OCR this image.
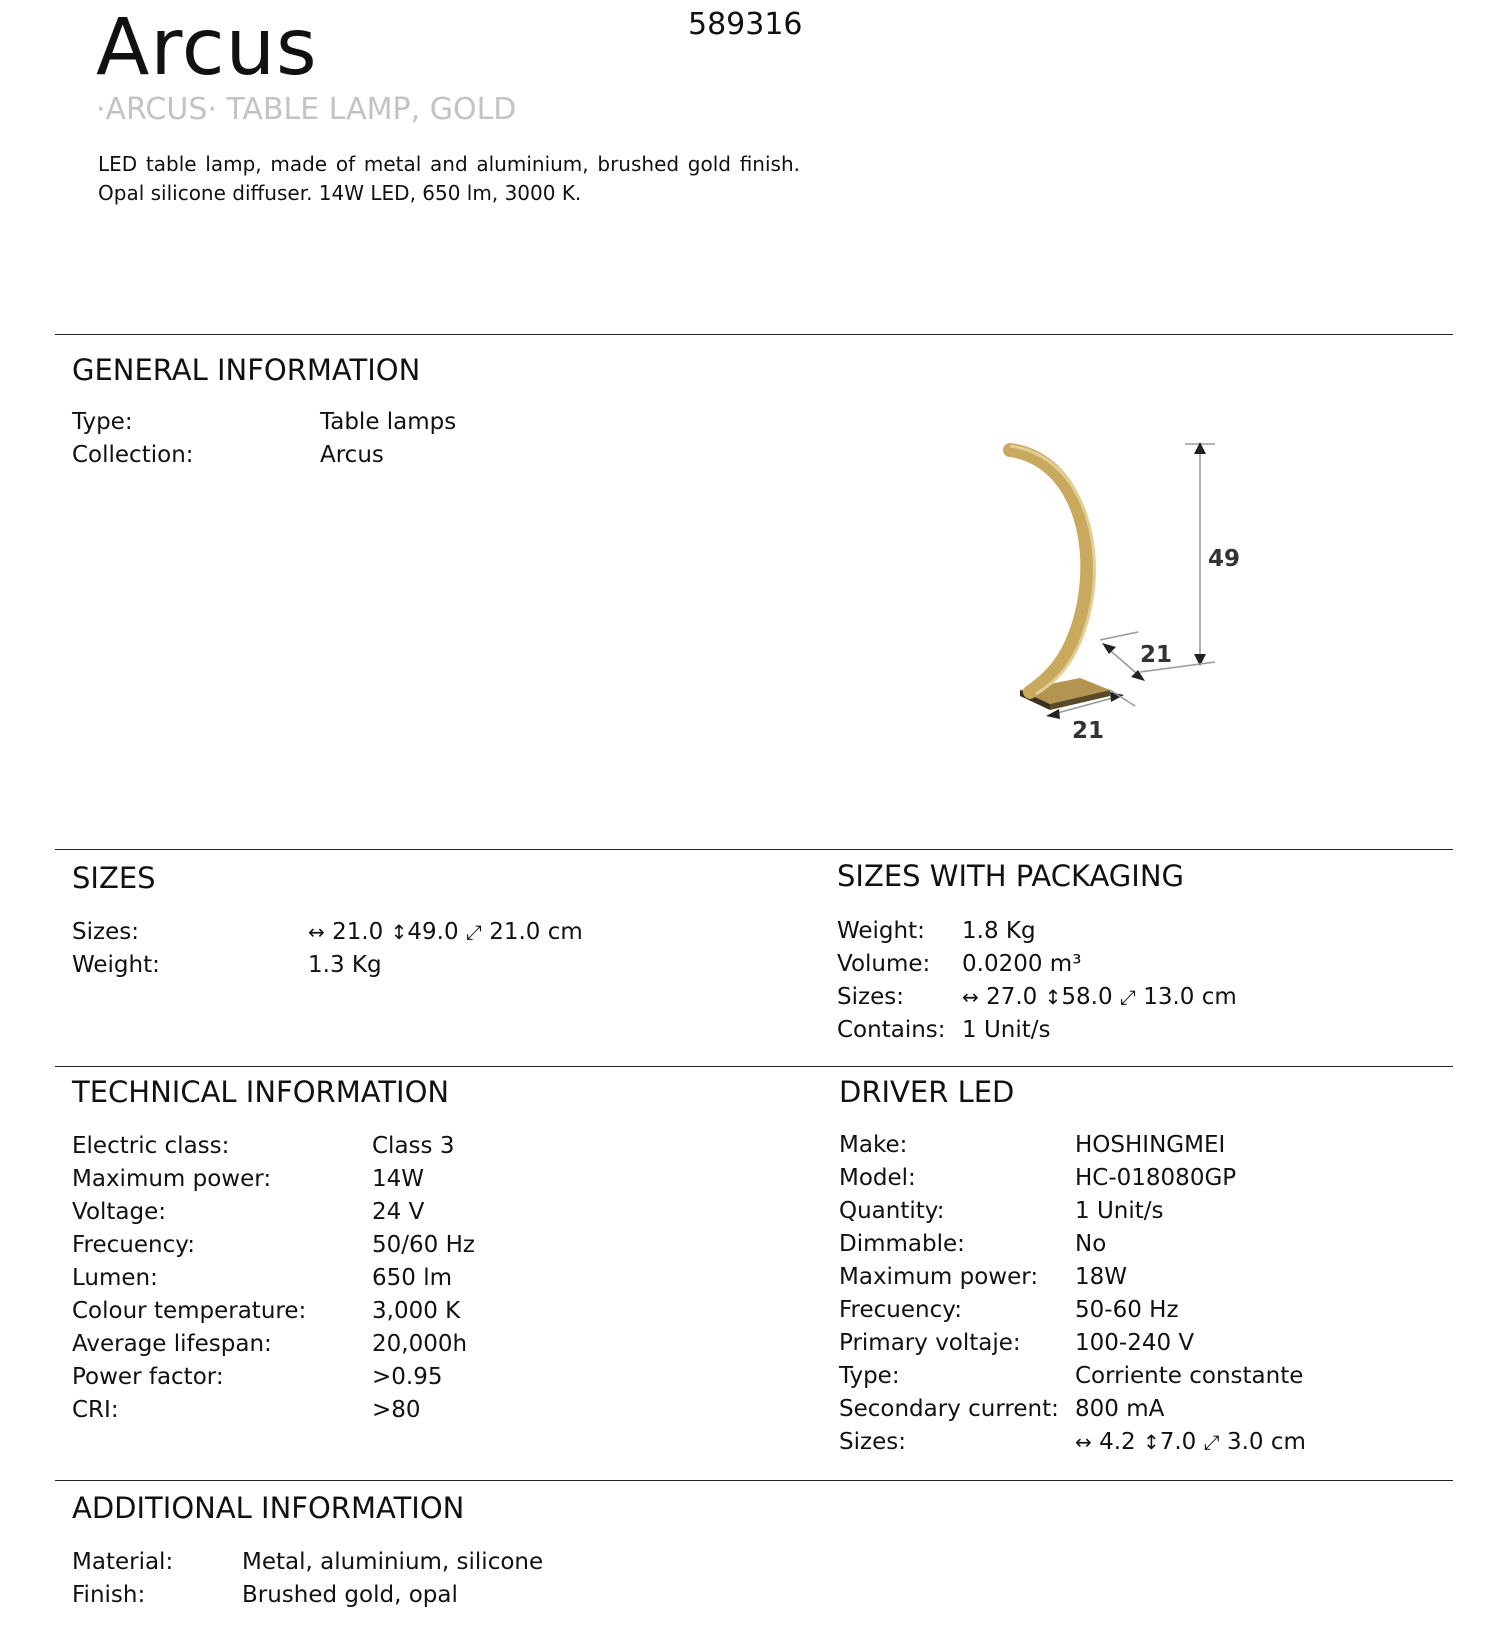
Arcus	589316
·ARCUS· TABLE LAMP, GOLD
LED table lamp, made of metal and aluminium, brushed gold finish. Opal silicone diffuser. 14W LED, 650 lm, 3000 K.
GENERAL INFORMATION
Type:	Table lamps
Collection:	Arcus
49
21
21
SIZES
Sizes:	↔ 21.0 ↕49.0 ⤢ 21.0 cm
Weight:	1.3 Kg
SIZES WITH PACKAGING
Weight: 1.8 Kg
Volume: 0.0200 m³
Sizes:	↔ 27.0 ↕58.0 ⤢ 13.0 cm
Contains: 1 Unit/s
TECHNICAL INFORMATION
Electric class:	Class 3
Maximum power:	14W
Voltage:	24 V
Frecuency:	50/60 Hz
Lumen:	650 lm
Colour temperature:	3,000 K
Average lifespan:	20,000h
Power factor:	>0.95
CRI:	>80
DRIVER LED
Make:	HOSHINGMEI
Model:	HC-018080GP
Quantity:	1 Unit/s
Dimmable:	No
Maximum power: 18W
Frecuency:	50-60 Hz
Primary voltaje: 100-240 V
Type:	Corriente constante
Secondary current: 800 mA
Sizes:	↔ 4.2 ↕7.0 ⤢ 3.0 cm
ADDITIONAL INFORMATION
Material:	Metal, aluminium, silicone
Finish:	Brushed gold, opal
